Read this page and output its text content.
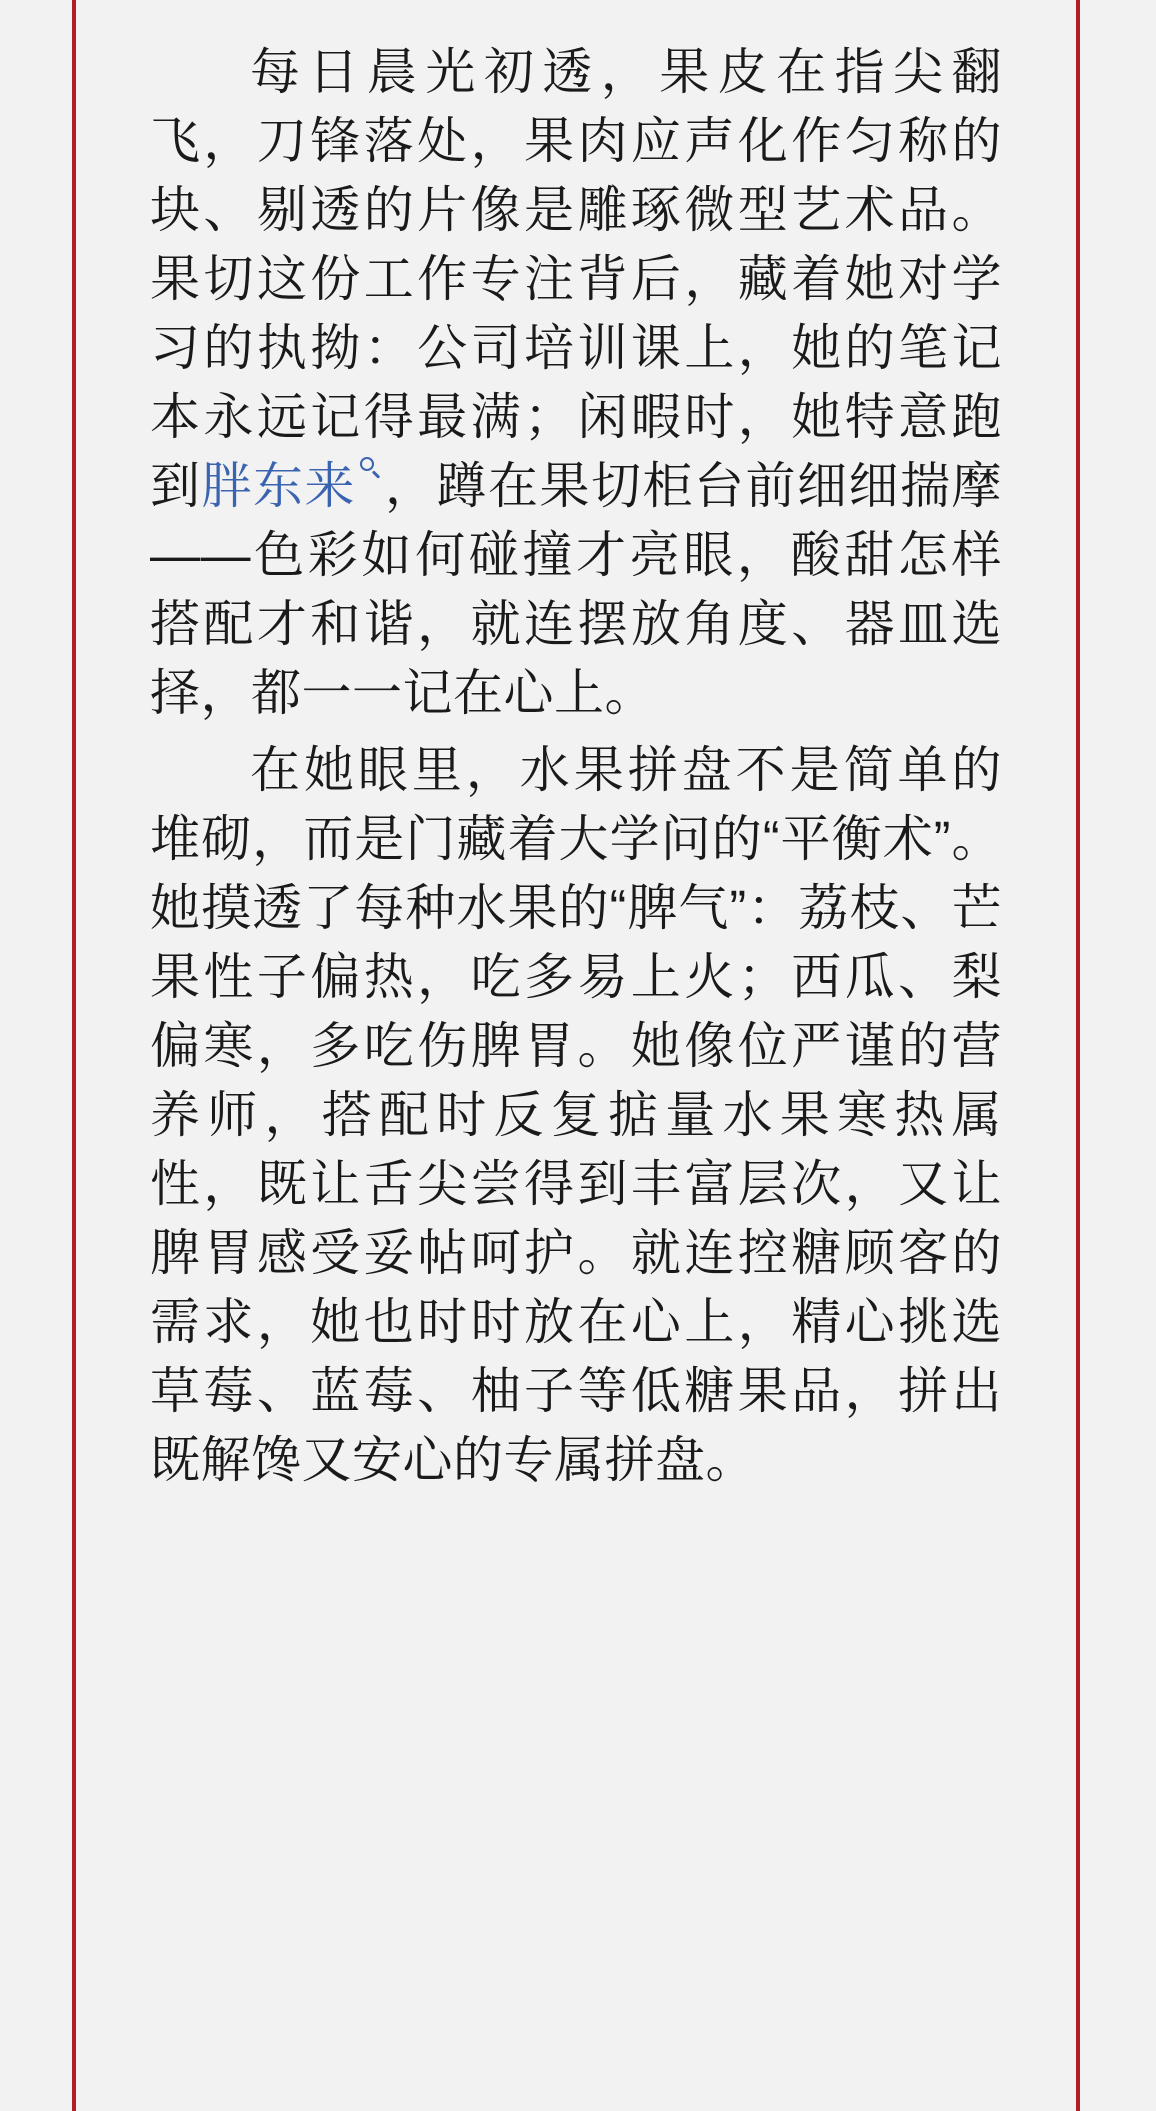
每日晨光初透，果皮在指尖翻飞，刀锋落处，果肉应声化作匀称的块、剔透的片像是雕琢微型艺术品。果切这份工作专注背后，藏着她对学习的执拗：公司培训课上，她的笔记本永远记得最满；闲暇时，她特意跑到胖东来 ，蹲在果切柜台前细细揣摩——色彩如何碰撞才亮眼，酸甜怎样搭配才和谐，就连摆放角度、器皿选择，都一一记在心上。

在她眼里，水果拼盘不是简单的堆砌，而是门藏着大学问的“平衡术”。她摸透了每种水果的“脾气”：荔枝、芒果性子偏热，吃多易上火；西瓜、梨偏寒，多吃伤脾胃。她像位严谨的营养师，搭配时反复掂量水果寒热属性，既让舌尖尝得到丰富层次，又让脾胃感受妥帖呵护。就连控糖顾客的需求，她也时时放在心上，精心挑选草莓、蓝莓、柚子等低糖果品，拼出既解馋又安心的专属拼盘。
